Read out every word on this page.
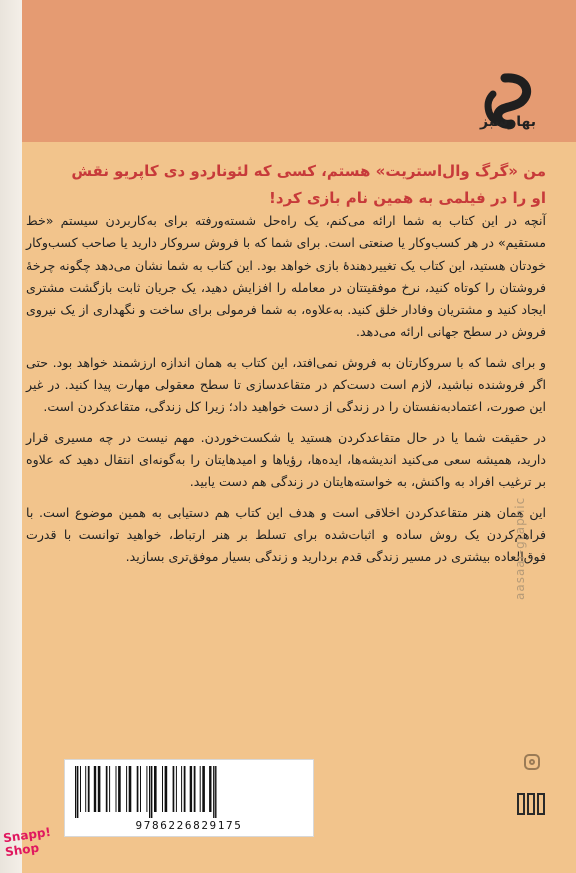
بهارسبز
من «گرگ وال‌استریت» هستم، کسی که لئوناردو دی کاپریو نقش
او را در فیلمی به همین نام بازی کرد!

آنچه در این کتاب به شما ارائه می‌کنم، یک راه‌حل شسته‌ورفته برای به‌کاربردن سیستم «خط مستقیم» در هر کسب‌وکار یا صنعتی است. برای شما که با فروش سروکار دارید یا صاحب کسب‌وکار خودتان هستید، این کتاب یک تغییردهندهٔ بازی خواهد بود. این کتاب به شما نشان می‌دهد چگونه چرخهٔ فروشتان را کوتاه کنید، نرخ موفقیتتان در معامله را افزایش دهید، یک جریان ثابت بازگشت مشتری ایجاد کنید و مشتریان وفادار خلق کنید. به‌علاوه، به شما فرمولی برای ساخت و نگهداری از یک نیروی فروش در سطح جهانی ارائه می‌دهد.

و برای شما که با سروکارتان به فروش نمی‌افتد، این کتاب به همان اندازه ارزشمند خواهد بود. حتی اگر فروشنده نباشید، لازم است دست‌کم در متقاعدسازی تا سطح معقولی مهارت پیدا کنید. در غیر این صورت، اعتمادبه‌نفستان را در زندگی از دست خواهید داد؛ زیرا کل زندگی، متقاعدکردن است.

در حقیقت شما یا در حال متقاعدکردن هستید یا شکست‌خوردن. مهم نیست در چه مسیری قرار دارید، همیشه سعی می‌کنید اندیشه‌ها، ایده‌ها، رؤیاها و امیدهایتان را به‌گونه‌ای انتقال دهید که علاوه بر ترغیب افراد به واکنش، به خواسته‌هایتان در زندگی هم دست یابید.

این همان هنر متقاعدکردن اخلاقی است و هدف این کتاب هم دستیابی به همین موضوع است. با فراهم‌کردن یک روش ساده و اثبات‌شده برای تسلط بر هنر ارتباط، خواهید توانست با قدرت فوق‌العاده بیشتری در مسیر زندگی قدم بردارید و زندگی بسیار موفق‌تری بسازید.

aasaar-graphic
9786226829175
Snapp!
Shop
